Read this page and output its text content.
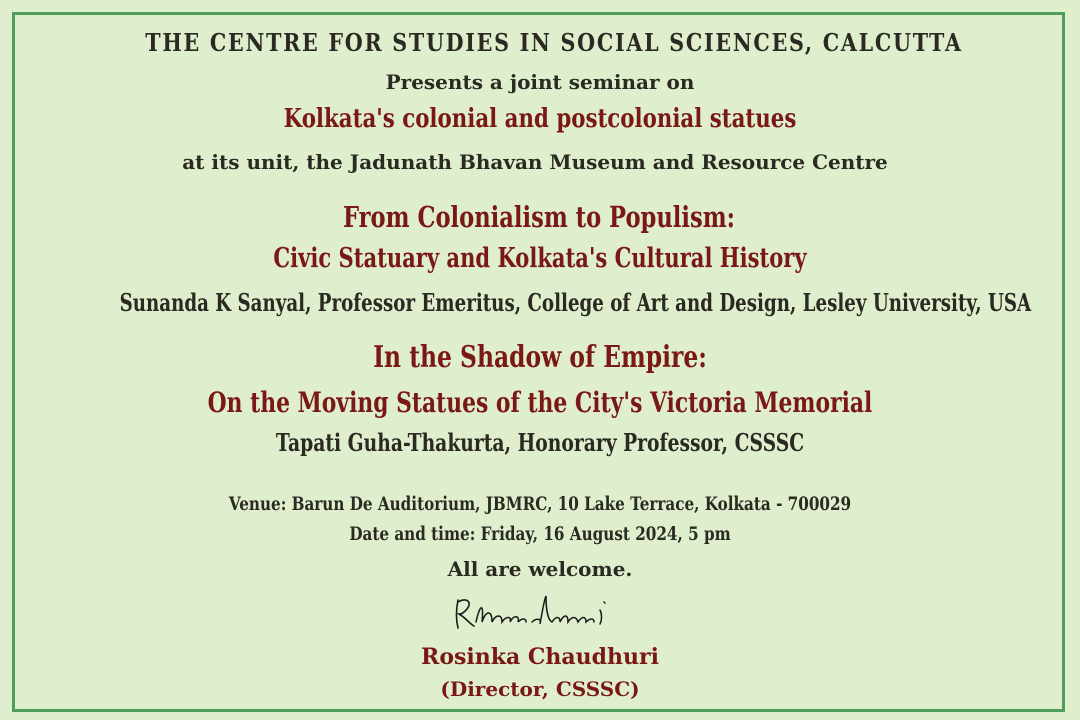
THE CENTRE FOR STUDIES IN SOCIAL SCIENCES, CALCUTTA
Presents a joint seminar on
Kolkata's colonial and postcolonial statues
at its unit, the Jadunath Bhavan Museum and Resource Centre
From Colonialism to Populism:
Civic Statuary and Kolkata's Cultural History
Sunanda K Sanyal, Professor Emeritus, College of Art and Design, Lesley University, USA
In the Shadow of Empire:
On the Moving Statues of the City's Victoria Memorial
Tapati Guha-Thakurta, Honorary Professor, CSSSC
Venue: Barun De Auditorium, JBMRC, 10 Lake Terrace, Kolkata - 700029
Date and time: Friday, 16 August 2024, 5 pm
All are welcome.
Rosinka Chaudhuri
(Director, CSSSC)
